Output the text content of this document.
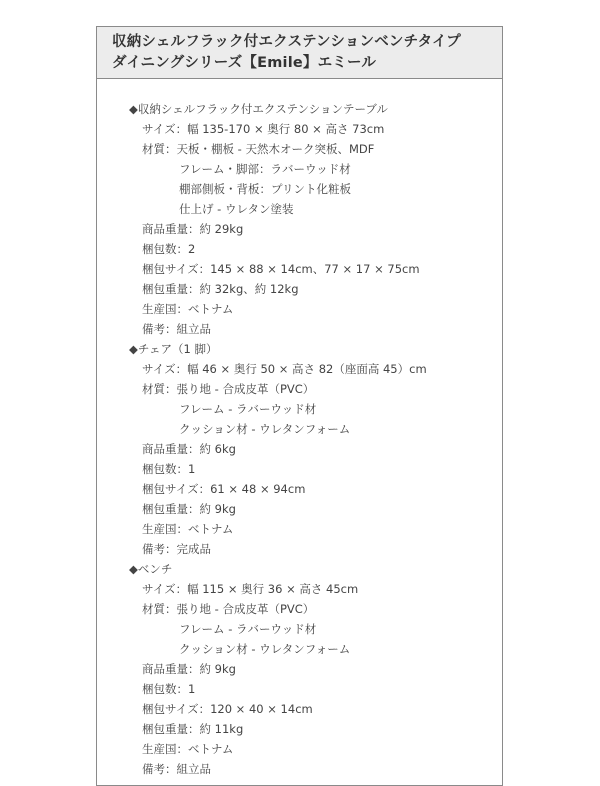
収納シェルフラック付エクステンションベンチタイプ
ダイニングシリーズ【Emile】エミール
◆収納シェルフラック付エクステンションテーブル
サイズ：幅 135-170 × 奥行 80 × 高さ 73cm
材質：天板・棚板 - 天然木オーク突板、MDF
フレーム・脚部：ラバーウッド材
棚部側板・背板：プリント化粧板
仕上げ - ウレタン塗装
商品重量：約 29kg
梱包数：2
梱包サイズ：145 × 88 × 14cm、77 × 17 × 75cm
梱包重量：約 32kg、約 12kg
生産国：ベトナム
備考：組立品
◆チェア（1 脚）
サイズ：幅 46 × 奥行 50 × 高さ 82（座面高 45）cm
材質：張り地 - 合成皮革（PVC）
フレーム - ラバーウッド材
クッション材 - ウレタンフォーム
商品重量：約 6kg
梱包数：1
梱包サイズ：61 × 48 × 94cm
梱包重量：約 9kg
生産国：ベトナム
備考：完成品
◆ベンチ
サイズ：幅 115 × 奥行 36 × 高さ 45cm
材質：張り地 - 合成皮革（PVC）
フレーム - ラバーウッド材
クッション材 - ウレタンフォーム
商品重量：約 9kg
梱包数：1
梱包サイズ：120 × 40 × 14cm
梱包重量：約 11kg
生産国：ベトナム
備考：組立品
